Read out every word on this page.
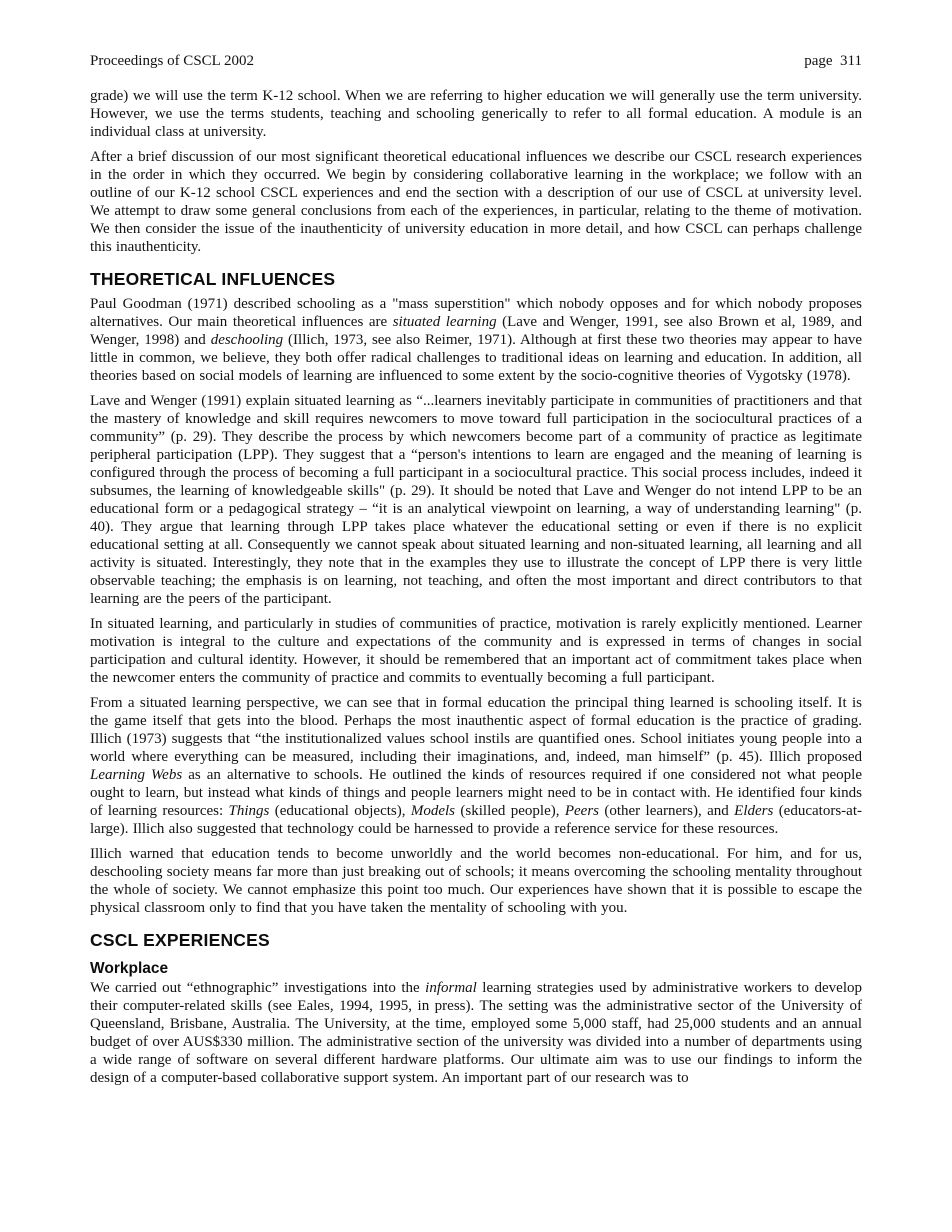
Proceedings of CSCL 2002	page  311

grade) we will use the term K-12 school. When we are referring to higher education we will generally use the term university. However, we use the terms students, teaching and schooling generically to refer to all formal education. A module is an individual class at university.

After a brief discussion of our most significant theoretical educational influences we describe our CSCL research experiences in the order in which they occurred. We begin by considering collaborative learning in the workplace; we follow with an outline of our K-12 school CSCL experiences and end the section with a description of our use of CSCL at university level. We attempt to draw some general conclusions from each of the experiences, in particular, relating to the theme of motivation. We then consider the issue of the inauthenticity of university education in more detail, and how CSCL can perhaps challenge this inauthenticity.

THEORETICAL INFLUENCES

Paul Goodman (1971) described schooling as a "mass superstition" which nobody opposes and for which nobody proposes alternatives. Our main theoretical influences are situated learning (Lave and Wenger, 1991, see also Brown et al, 1989, and Wenger, 1998) and deschooling (Illich, 1973, see also Reimer, 1971). Although at first these two theories may appear to have little in common, we believe, they both offer radical challenges to traditional ideas on learning and education. In addition, all theories based on social models of learning are influenced to some extent by the socio-cognitive theories of Vygotsky (1978).

Lave and Wenger (1991) explain situated learning as “...learners inevitably participate in communities of practitioners and that the mastery of knowledge and skill requires newcomers to move toward full participation in the sociocultural practices of a community” (p. 29). They describe the process by which newcomers become part of a community of practice as legitimate peripheral participation (LPP). They suggest that a “person's intentions to learn are engaged and the meaning of learning is configured through the process of becoming a full participant in a sociocultural practice. This social process includes, indeed it subsumes, the learning of knowledgeable skills" (p. 29). It should be noted that Lave and Wenger do not intend LPP to be an educational form or a pedagogical strategy – “it is an analytical viewpoint on learning, a way of understanding learning" (p. 40). They argue that learning through LPP takes place whatever the educational setting or even if there is no explicit educational setting at all. Consequently we cannot speak about situated learning and non-situated learning, all learning and all activity is situated. Interestingly, they note that in the examples they use to illustrate the concept of LPP there is very little observable teaching; the emphasis is on learning, not teaching, and often the most important and direct contributors to that learning are the peers of the participant.

In situated learning, and particularly in studies of communities of practice, motivation is rarely explicitly mentioned. Learner motivation is integral to the culture and expectations of the community and is expressed in terms of changes in social participation and cultural identity. However, it should be remembered that an important act of commitment takes place when the newcomer enters the community of practice and commits to eventually becoming a full participant.

From a situated learning perspective, we can see that in formal education the principal thing learned is schooling itself. It is the game itself that gets into the blood. Perhaps the most inauthentic aspect of formal education is the practice of grading. Illich (1973) suggests that “the institutionalized values school instils are quantified ones. School initiates young people into a world where everything can be measured, including their imaginations, and, indeed, man himself” (p. 45). Illich proposed Learning Webs as an alternative to schools. He outlined the kinds of resources required if one considered not what people ought to learn, but instead what kinds of things and people learners might need to be in contact with. He identified four kinds of learning resources: Things (educational objects), Models (skilled people), Peers (other learners), and Elders (educators-at-large). Illich also suggested that technology could be harnessed to provide a reference service for these resources.

Illich warned that education tends to become unworldly and the world becomes non-educational. For him, and for us, deschooling society means far more than just breaking out of schools; it means overcoming the schooling mentality throughout the whole of society. We cannot emphasize this point too much. Our experiences have shown that it is possible to escape the physical classroom only to find that you have taken the mentality of schooling with you.

CSCL EXPERIENCES
Workplace

We carried out “ethnographic” investigations into the informal learning strategies used by administrative workers to develop their computer-related skills (see Eales, 1994, 1995, in press). The setting was the administrative sector of the University of Queensland, Brisbane, Australia. The University, at the time, employed some 5,000 staff, had 25,000 students and an annual budget of over AUS$330 million. The administrative section of the university was divided into a number of departments using a wide range of software on several different hardware platforms. Our ultimate aim was to use our findings to inform the design of a computer-based collaborative support system. An important part of our research was to
